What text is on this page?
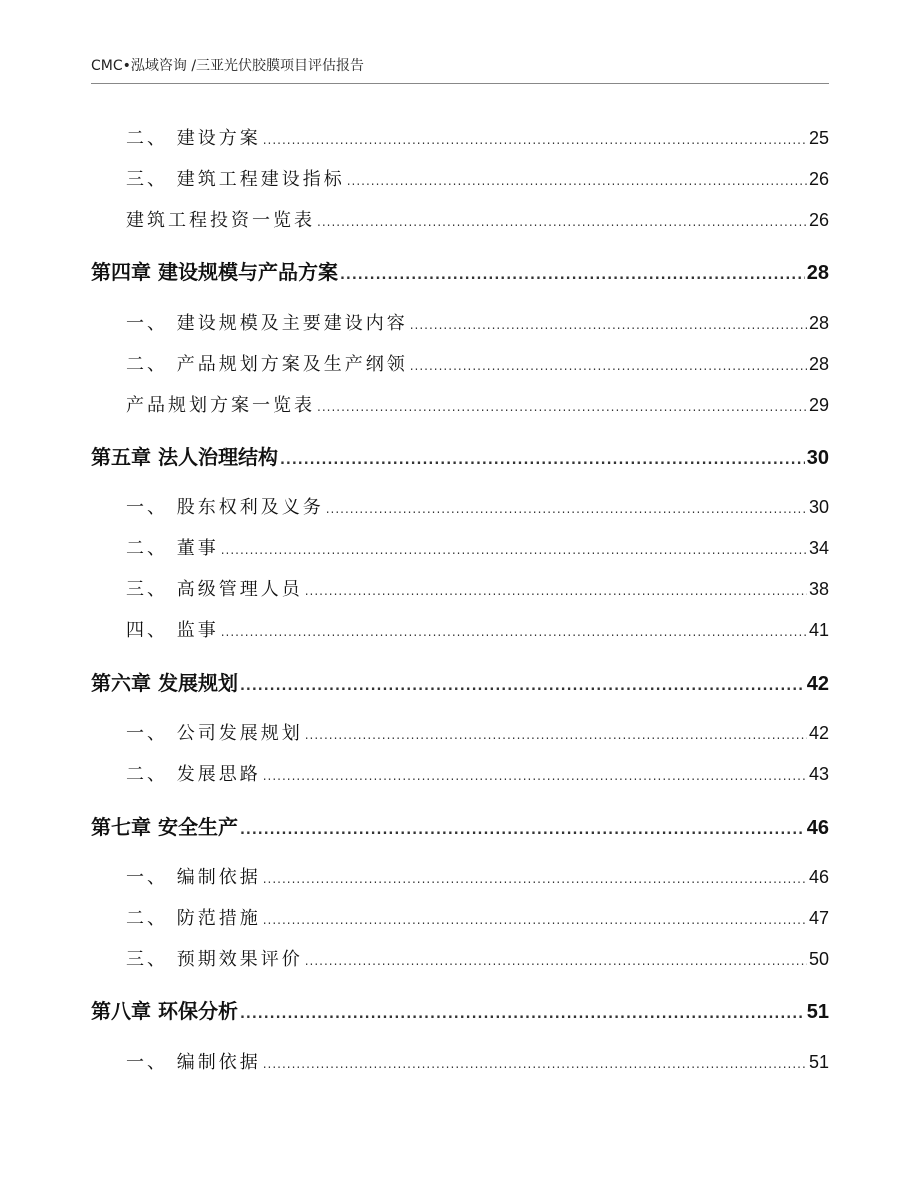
CMC•泓域咨询 /三亚光伏胶膜项目评估报告
二、 建设方案 .....	25
三、 建筑工程建设指标 .....	26
建筑工程投资一览表 .....	26
第四章 建设规模与产品方案 .....	28
一、 建设规模及主要建设内容 .....	28
二、 产品规划方案及生产纲领 .....	28
产品规划方案一览表 .....	29
第五章 法人治理结构 .....	30
一、 股东权利及义务 .....	30
二、 董事 .....	34
三、 高级管理人员 .....	38
四、 监事 .....	41
第六章 发展规划 .....	42
一、 公司发展规划 .....	42
二、 发展思路 .....	43
第七章 安全生产 .....	46
一、 编制依据 .....	46
二、 防范措施 .....	47
三、 预期效果评价 .....	50
第八章 环保分析 .....	51
一、 编制依据 .....	51
